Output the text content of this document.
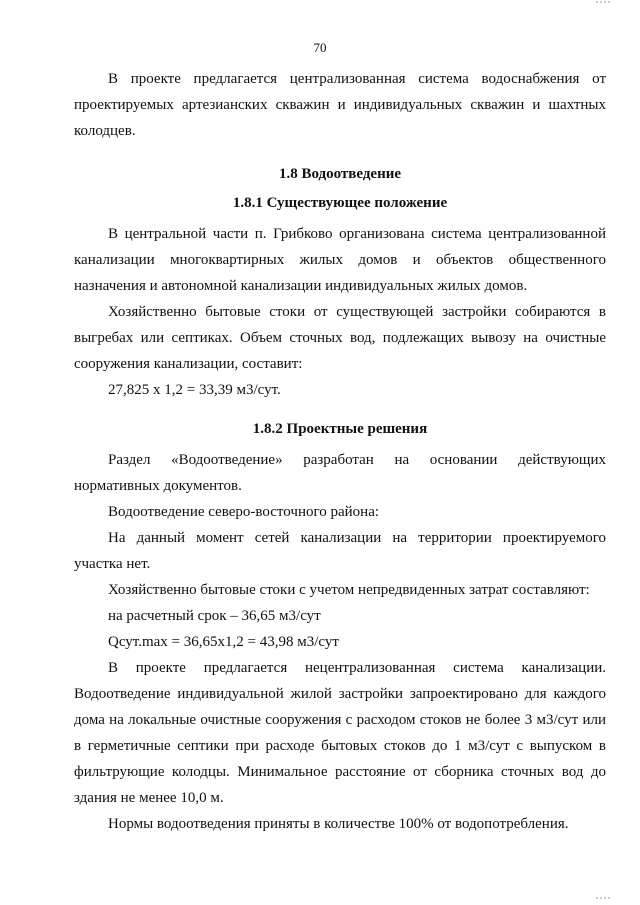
70

В проекте предлагается централизованная система водоснабжения от проектируемых артезианских скважин и индивидуальных скважин и шахтных колодцев.

1.8 Водоотведение

1.8.1 Существующее положение

В центральной части п. Грибково организована система централизованной канализации многоквартирных жилых домов и объектов общественного назначения и автономной канализации индивидуальных жилых домов.

Хозяйственно бытовые стоки от существующей застройки собираются в выгребах или септиках. Объем сточных вод, подлежащих вывозу на очистные сооружения канализации, составит:

27,825 х 1,2 = 33,39 м3/сут.

1.8.2 Проектные решения

Раздел «Водоотведение» разработан на основании действующих нормативных документов.

Водоотведение северо-восточного района:

На данный момент сетей канализации на территории проектируемого участка нет.

Хозяйственно бытовые стоки с учетом непредвиденных затрат составляют:

на расчетный срок – 36,65 м3/сут

Qсут.max = 36,65х1,2 = 43,98 м3/сут

В проекте предлагается нецентрализованная система канализации. Водоотведение индивидуальной жилой застройки запроектировано для каждого дома на локальные очистные сооружения с расходом стоков не более 3 м3/сут или в герметичные септики при расходе бытовых стоков до 1 м3/сут с выпуском в фильтрующие колодцы. Минимальное расстояние от сборника сточных вод до здания не менее 10,0 м.

Нормы водоотведения приняты в количестве 100% от водопотребления.
